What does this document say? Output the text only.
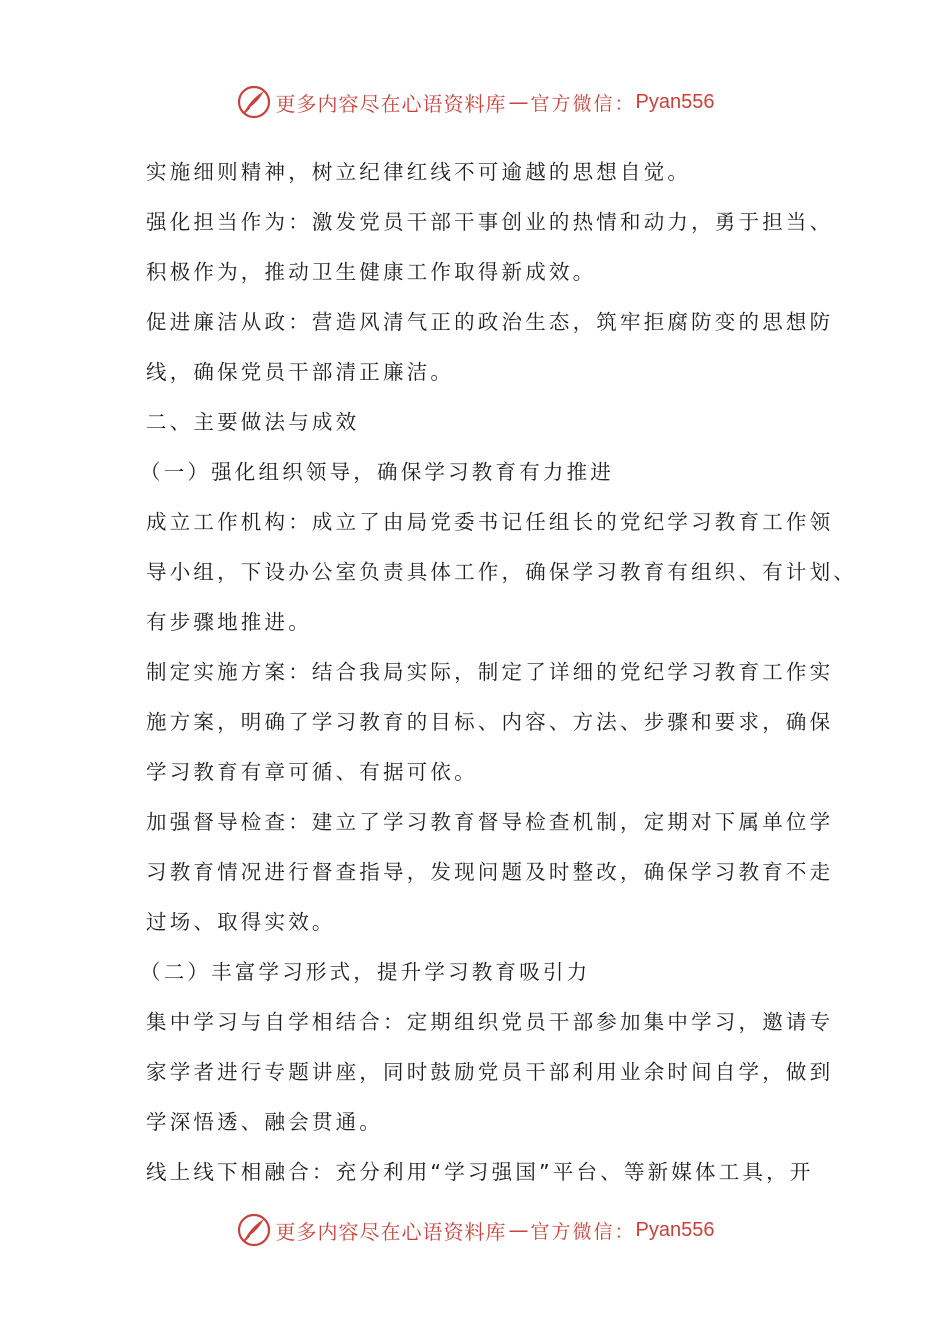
更多内容尽在心语资料库 — 官方微信： Pyan556
实施细则精神，树立纪律红线不可逾越的思想自觉。
强化担当作为：激发党员干部干事创业的热情和动力，勇于担当、
积极作为，推动卫生健康工作取得新成效。
促进廉洁从政：营造风清气正的政治生态，筑牢拒腐防变的思想防
线，确保党员干部清正廉洁。
二、主要做法与成效
（一）强化组织领导，确保学习教育有力推进
成立工作机构：成立了由局党委书记任组长的党纪学习教育工作领
导小组，下设办公室负责具体工作，确保学习教育有组织、有计划、
有步骤地推进。
制定实施方案：结合我局实际，制定了详细的党纪学习教育工作实
施方案，明确了学习教育的目标、内容、方法、步骤和要求，确保
学习教育有章可循、有据可依。
加强督导检查：建立了学习教育督导检查机制，定期对下属单位学
习教育情况进行督查指导，发现问题及时整改，确保学习教育不走
过场、取得实效。
（二）丰富学习形式，提升学习教育吸引力
集中学习与自学相结合：定期组织党员干部参加集中学习，邀请专
家学者进行专题讲座，同时鼓励党员干部利用业余时间自学，做到
学深悟透、融会贯通。
线上线下相融合：充分利用“学习强国”平台、等新媒体工具，开
更多内容尽在心语资料库 — 官方微信： Pyan556
